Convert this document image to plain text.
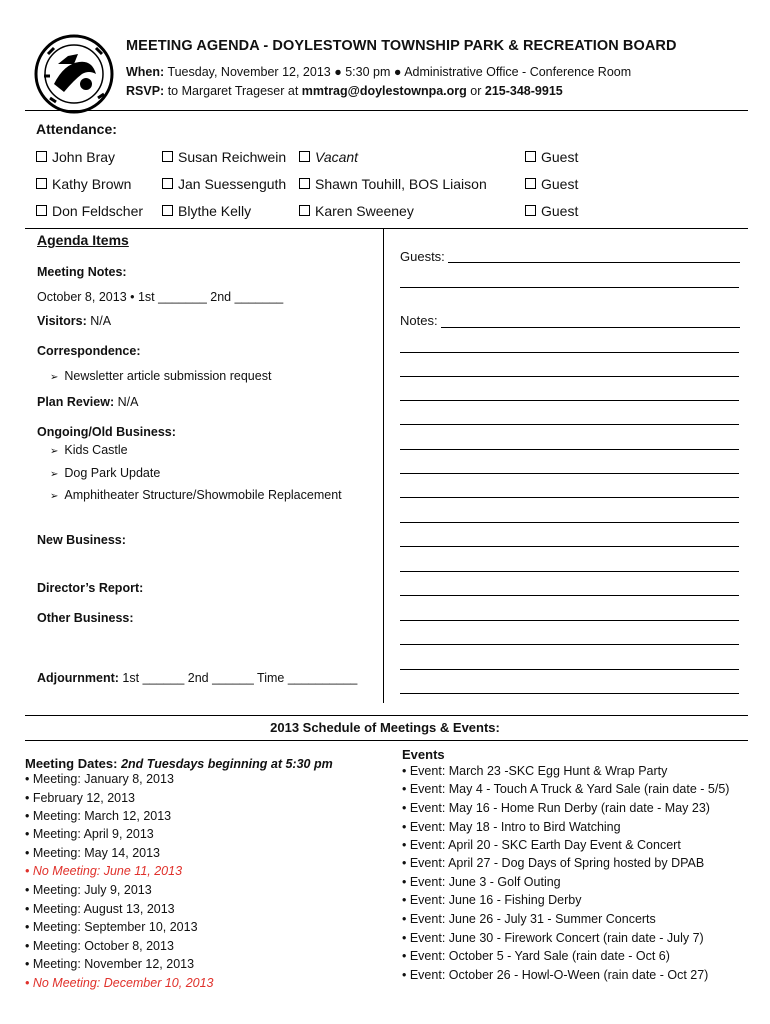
MEETING AGENDA - DOYLESTOWN TOWNSHIP PARK & RECREATION BOARD
When: Tuesday, November 12, 2013 ● 5:30 pm ● Administrative Office - Conference Room
RSVP: to Margaret Trageser at mmtrag@doylestownpa.org or 215-348-9915
Attendance:
John Bray	Susan Reichwein	Vacant	Guest
Kathy Brown	Jan Suessenguth	Shawn Touhill, BOS Liaison	Guest
Don Feldscher	Blythe Kelly	Karen Sweeney	Guest
Agenda Items
Meeting Notes:
October 8, 2013 • 1st _______ 2nd _______
Visitors: N/A
Correspondence:
➢ Newsletter article submission request
Plan Review: N/A
Ongoing/Old Business:
➢ Kids Castle
➢ Dog Park Update
➢ Amphitheater Structure/Showmobile Replacement
New Business:
Director’s Report:
Other Business:
Adjournment: 1st ______ 2nd ______ Time __________
Guests:
Notes:
2013 Schedule of Meetings & Events:
Meeting Dates: 2nd Tuesdays beginning at 5:30 pm
• Meeting: January 8, 2013
• February 12, 2013
• Meeting: March 12, 2013
• Meeting: April 9, 2013
• Meeting: May 14, 2013
• No Meeting: June 11, 2013
• Meeting: July 9, 2013
• Meeting: August 13, 2013
• Meeting: September 10, 2013
• Meeting: October 8, 2013
• Meeting: November 12, 2013
• No Meeting: December 10, 2013
Events
• Event: March 23 -SKC Egg Hunt & Wrap Party
• Event: May 4 - Touch A Truck & Yard Sale (rain date - 5/5)
• Event: May 16 - Home Run Derby (rain date - May 23)
• Event: May 18 - Intro to Bird Watching
• Event: April 20 - SKC Earth Day Event & Concert
• Event: April 27 - Dog Days of Spring hosted by DPAB
• Event: June 3 - Golf Outing
• Event: June 16 - Fishing Derby
• Event: June 26 - July 31 - Summer Concerts
• Event: June 30 - Firework Concert (rain date - July 7)
• Event: October 5 - Yard Sale (rain date - Oct 6)
• Event: October 26 - Howl-O-Ween (rain date - Oct 27)
